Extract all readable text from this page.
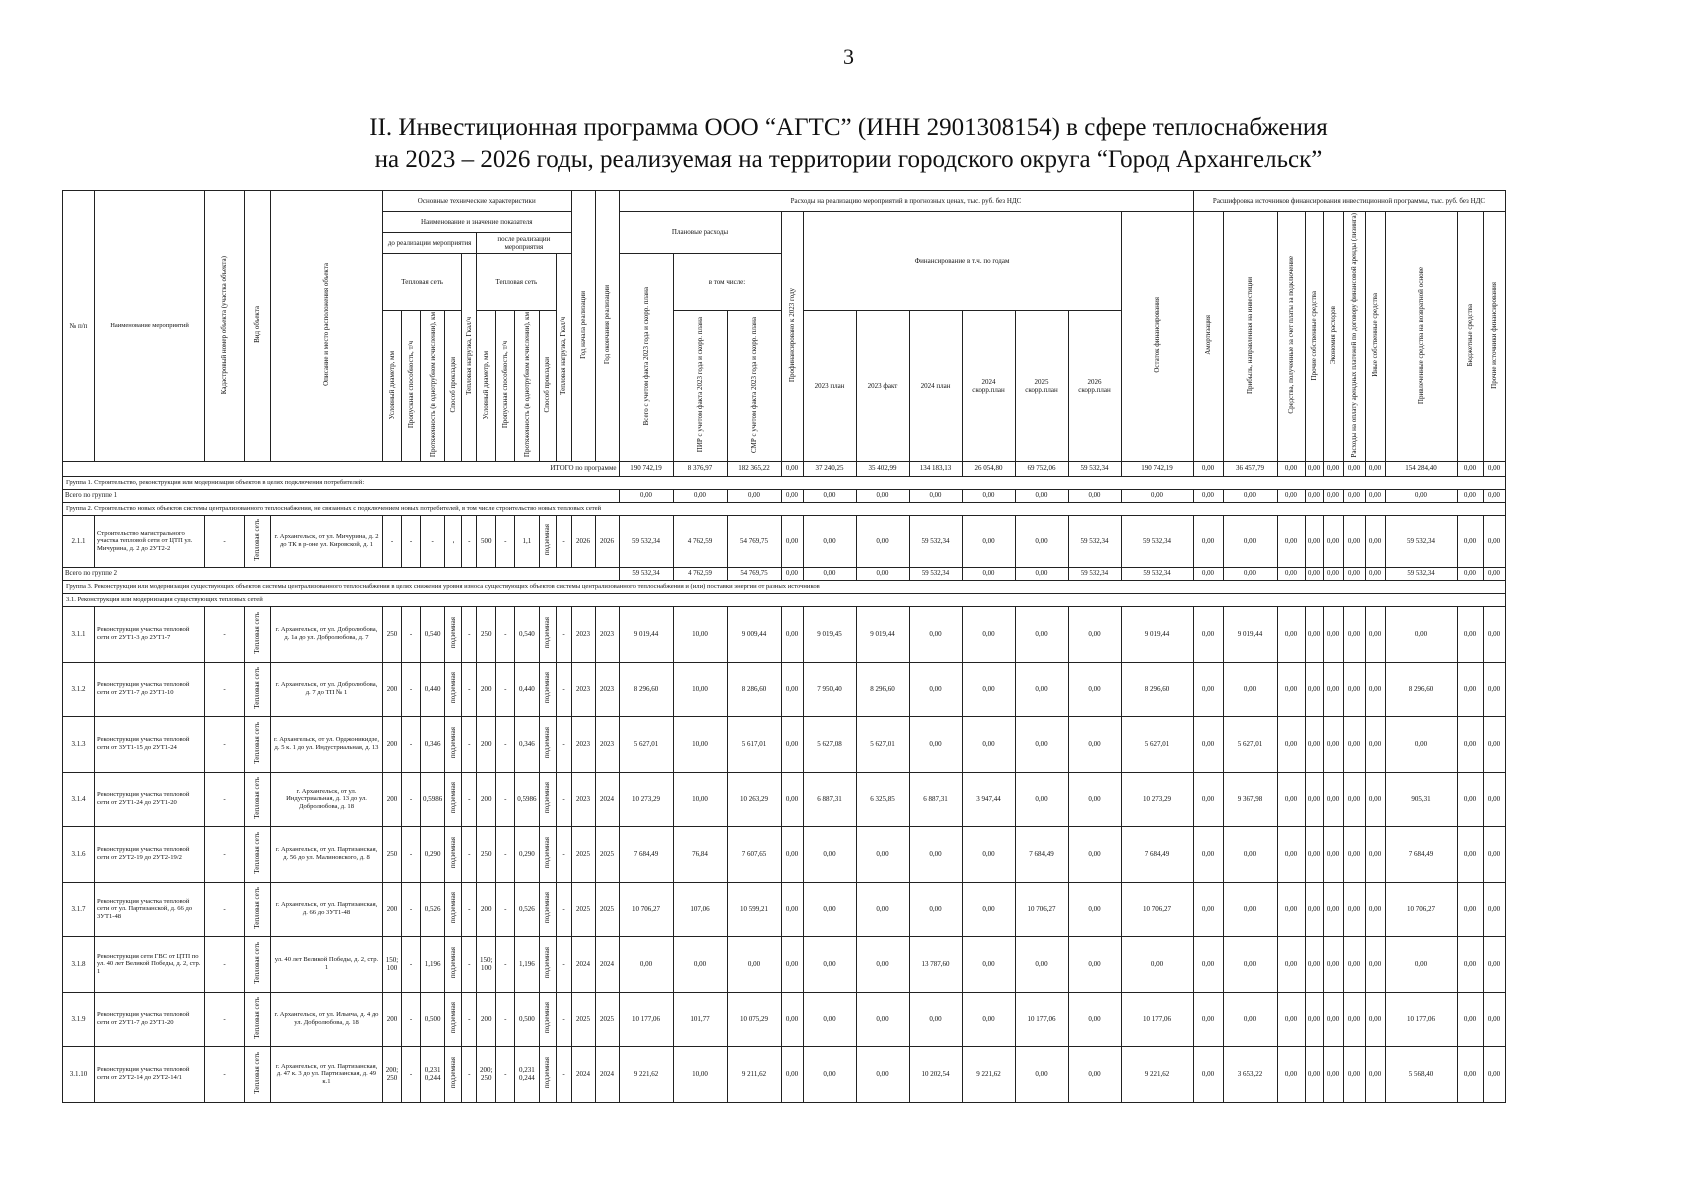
3
II. Инвестиционная программа ООО “АГТС” (ИНН 2901308154) в сфере теплоснабжения
на 2023 – 2026 годы, реализуемая на территории городского округа “Город Архангельск”
№ п/п	Наименование мероприятий	Кадастровый номер объекта (участка объекта)	Вид объекта	Описание и место расположения объекта	Основные технические характеристики										Год начала реализации	Год окончания реализации	Расходы на реализацию мероприятий в прогнозных ценах, тыс. руб. без НДС											Расшифровка источников финансирования инвестиционной программы, тыс. руб. без НДС									
					Наименование и значение показателя												Плановые расходы			Профинансировано к 2023 году	Финансирование в т.ч. по годам						Остаток финансирования	Амортизация	Прибыль, направленная на инвестиции	Средства, полученные за счет платы за подключение	Прочие собственные средства	Экономия расходов	Расходы на оплату арендных платежей по договору финансовой аренды (лизинга)	Иные собственные средства	Привлеченные средства на возвратной основе	Бюджетные средства	Прочие источники финансирования
					до реализации мероприятия					после реализации мероприятия																											
					Тепловая сеть				Тепловая нагрузка, Гкал/ч	Тепловая сеть				Тепловая нагрузка, Гкал/ч			Всего с учетом факта 2023 года и скорр. плана	в том числе:																			
					Условный диаметр, мм	Пропускная способность, т/ч	Протяженность (в однотрубном исчислении), км	Способ прокладки		Условный диаметр, мм	Пропускная способность, т/ч	Протяженность (в однотрубном исчислении), км	Способ прокладки					ПИР с учетом факта 2023 года и скорр. плана	СМР с учетом факта 2023 года и скорр. плана		2023 план	2023 факт	2024 план	2024 скорр.план	2025 скорр.план	2026 скорр.план											

ИТОГО по программе																	190 742,19	8 376,97	182 365,22	0,00	37 240,25	35 402,99	134 183,13	26 054,80	69 752,06	59 532,34	190 742,19	0,00	36 457,79	0,00	0,00	0,00	0,00	0,00	154 284,40	0,00	0,00
Группа 1. Строительство, реконструкция или модернизация объектов в целях подключения потребителей:																																					
Всего по группе 1																	0,00	0,00	0,00	0,00	0,00	0,00	0,00	0,00	0,00	0,00	0,00	0,00	0,00	0,00	0,00	0,00	0,00	0,00	0,00	0,00	0,00
Группа 2. Строительство новых объектов системы централизованного теплоснабжения, не связанных с подключением новых потребителей, в том числе строительство новых тепловых сетей																																					
2.1.1	Строительство магистрального участка тепловой сети от ЦТП ул. Мичурина, д. 2 до 2УТ2-2	-	Тепловая сеть	г. Архангельск, от ул. Мичурина, д. 2 до ТК в р-оне ул. Кировской, д. 1	-	-	-	-	-	500	-	1,1	подземная	-	2026	2026	59 532,34	4 762,59	54 769,75	0,00	0,00	0,00	59 532,34	0,00	0,00	59 532,34	59 532,34	0,00	0,00	0,00	0,00	0,00	0,00	0,00	59 532,34	0,00	0,00
Всего по группе 2																	59 532,34	4 762,59	54 769,75	0,00	0,00	0,00	59 532,34	0,00	0,00	59 532,34	59 532,34	0,00	0,00	0,00	0,00	0,00	0,00	0,00	59 532,34	0,00	0,00
Группа 3. Реконструкция или модернизация существующих объектов системы централизованного теплоснабжения в целях снижения уровня износа существующих объектов системы централизованного теплоснабжения и (или) поставки энергии от разных источников																																					
3.1. Реконструкция или модернизация существующих тепловых сетей																																					
3.1.1	Реконструкция участка тепловой сети от 2УТ1-3 до 2УТ1-7	-	Тепловая сеть	г. Архангельск, от ул. Добролюбова, д. 1а до ул. Добролюбова, д. 7	250	-	0,540	подземная	-	250	-	0,540	подземная	-	2023	2023	9 019,44	10,00	9 009,44	0,00	9 019,45	9 019,44	0,00	0,00	0,00	0,00	9 019,44	0,00	9 019,44	0,00	0,00	0,00	0,00	0,00	0,00	0,00	0,00
3.1.2	Реконструкция участка тепловой сети от 2УТ1-7 до 2УТ1-10	-	Тепловая сеть	г. Архангельск, от ул. Добролюбова, д. 7 до ТП № 1	200	-	0,440	подземная	-	200	-	0,440	подземная	-	2023	2023	8 296,60	10,00	8 286,60	0,00	7 950,40	8 296,60	0,00	0,00	0,00	0,00	8 296,60	0,00	0,00	0,00	0,00	0,00	0,00	0,00	8 296,60	0,00	0,00
3.1.3	Реконструкция участка тепловой сети от 3УТ1-15 до 2УТ1-24	-	Тепловая сеть	г. Архангельск, от ул. Орджоникидзе, д. 5 к. 1 до ул. Индустриальная, д. 13	200	-	0,346	подземная	-	200	-	0,346	подземная	-	2023	2023	5 627,01	10,00	5 617,01	0,00	5 627,08	5 627,01	0,00	0,00	0,00	0,00	5 627,01	0,00	5 627,01	0,00	0,00	0,00	0,00	0,00	0,00	0,00	0,00
3.1.4	Реконструкция участка тепловой сети от 2УТ1-24 до 2УТ1-20	-	Тепловая сеть	г. Архангельск, от ул. Индустриальная, д. 13 до ул. Добролюбова, д. 18	200	-	0,5986	подземная	-	200	-	0,5986	подземная	-	2023	2024	10 273,29	10,00	10 263,29	0,00	6 887,31	6 325,85	6 887,31	3 947,44	0,00	0,00	10 273,29	0,00	9 367,98	0,00	0,00	0,00	0,00	0,00	905,31	0,00	0,00
3.1.6	Реконструкция участка тепловой сети от 2УТ2-19 до 2УТ2-19/2	-	Тепловая сеть	г. Архангельск, от ул. Партизанская, д. 56 до ул. Малиновского, д. 8	250	-	0,290	подземная	-	250	-	0,290	подземная	-	2025	2025	7 684,49	76,84	7 607,65	0,00	0,00	0,00	0,00	0,00	7 684,49	0,00	7 684,49	0,00	0,00	0,00	0,00	0,00	0,00	0,00	7 684,49	0,00	0,00
3.1.7	Реконструкция участка тепловой сети от ул. Партизанской, д. 66 до 3УТ1-48	-	Тепловая сеть	г. Архангельск, от ул. Партизанская, д. 66 до 3УТ1-48	200	-	0,526	подземная	-	200	-	0,526	подземная	-	2025	2025	10 706,27	107,06	10 599,21	0,00	0,00	0,00	0,00	0,00	10 706,27	0,00	10 706,27	0,00	0,00	0,00	0,00	0,00	0,00	0,00	10 706,27	0,00	0,00
3.1.8	Реконструкция сети ГВС от ЦТП по ул. 40 лет Великой Победы, д. 2, стр. 1	-	Тепловая сеть	ул. 40 лет Великой Победы, д. 2, стр. 1	150; 100	-	1,196	подземная	-	150; 100	-	1,196	подземная	-	2024	2024	0,00	0,00	0,00	0,00	0,00	0,00	13 787,60	0,00	0,00	0,00	0,00	0,00	0,00	0,00	0,00	0,00	0,00	0,00	0,00	0,00	0,00
3.1.9	Реконструкция участка тепловой сети от 2УТ1-7 до 2УТ1-20	-	Тепловая сеть	г. Архангельск, от ул. Ильича, д. 4 до ул. Добролюбова, д. 18	200	-	0,500	подземная	-	200	-	0,500	подземная	-	2025	2025	10 177,06	101,77	10 075,29	0,00	0,00	0,00	0,00	0,00	10 177,06	0,00	10 177,06	0,00	0,00	0,00	0,00	0,00	0,00	0,00	10 177,06	0,00	0,00
3.1.10	Реконструкция участка тепловой сети от 2УТ2-14 до 2УТ2-14/1	-	Тепловая сеть	г. Архангельск, от ул. Партизанская, д. 47 к. 3 до ул. Партизанская, д. 49 к.1	200; 250	-	0,231 0,244	подземная	-	200; 250	-	0,231 0,244	подземная	-	2024	2024	9 221,62	10,00	9 211,62	0,00	0,00	0,00	10 202,54	9 221,62	0,00	0,00	9 221,62	0,00	3 653,22	0,00	0,00	0,00	0,00	0,00	5 568,40	0,00	0,00
